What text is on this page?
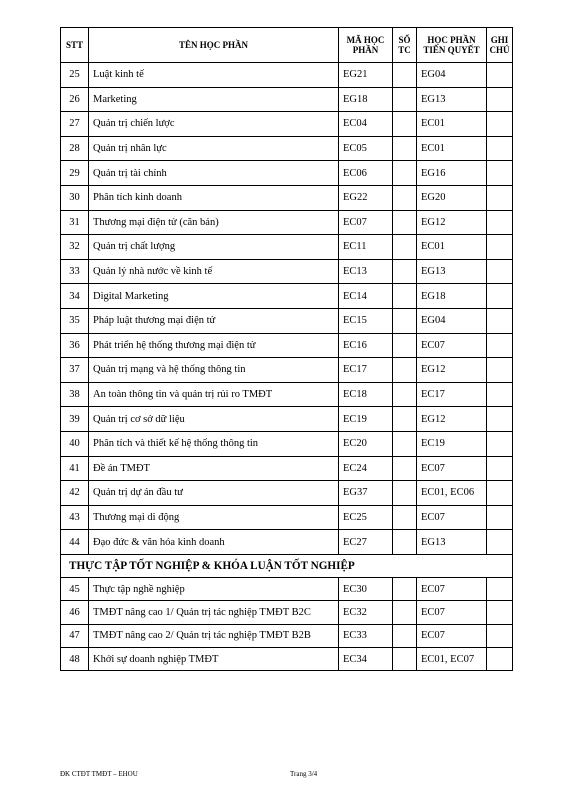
STT	TÊN HỌC PHẦN	MÃ HỌC PHẦN	SỐ TC	HỌC PHẦN TIÊN QUYẾT	GHI CHÚ
25	Luật kinh tế	EG21		EG04	
26	Marketing	EG18		EG13	
27	Quản trị chiến lược	EC04		EC01	
28	Quản trị nhân lực	EC05		EC01	
29	Quản trị tài chính	EC06		EG16	
30	Phân tích kinh doanh	EG22		EG20	
31	Thương mại điện tử (căn bản)	EC07		EG12	
32	Quản trị chất lượng	EC11		EC01	
33	Quản lý nhà nước về kinh tế	EC13		EG13	
34	Digital Marketing	EC14		EG18	
35	Pháp luật thương mại điện tử	EC15		EG04	
36	Phát triển hệ thống thương mại điện tử	EC16		EC07	
37	Quản trị mạng và hệ thống thông tin	EC17		EG12	
38	An toàn thông tin và quản trị rủi ro TMĐT	EC18		EC17	
39	Quản trị cơ sở dữ liệu	EC19		EG12	
40	Phân tích và thiết kế hệ thống thông tin	EC20		EC19	
41	Đề án TMĐT	EC24		EC07	
42	Quản trị dự án đầu tư	EG37		EC01, EC06	
43	Thương mại di động	EC25		EC07	
44	Đạo đức & văn hóa kinh doanh	EC27		EG13	
THỰC TẬP TỐT NGHIỆP & KHÓA LUẬN TỐT NGHIỆP					
45	Thực tập nghề nghiệp	EC30		EC07	
46	TMĐT nâng cao 1/ Quản trị tác nghiệp TMĐT B2C	EC32		EC07	
47	TMĐT nâng cao 2/ Quản trị tác nghiệp TMĐT B2B	EC33		EC07	
48	Khởi sự doanh nghiệp TMĐT	EC34		EC01, EC07	
ĐK CTĐT TMĐT – EHOU	Trang 3/4
